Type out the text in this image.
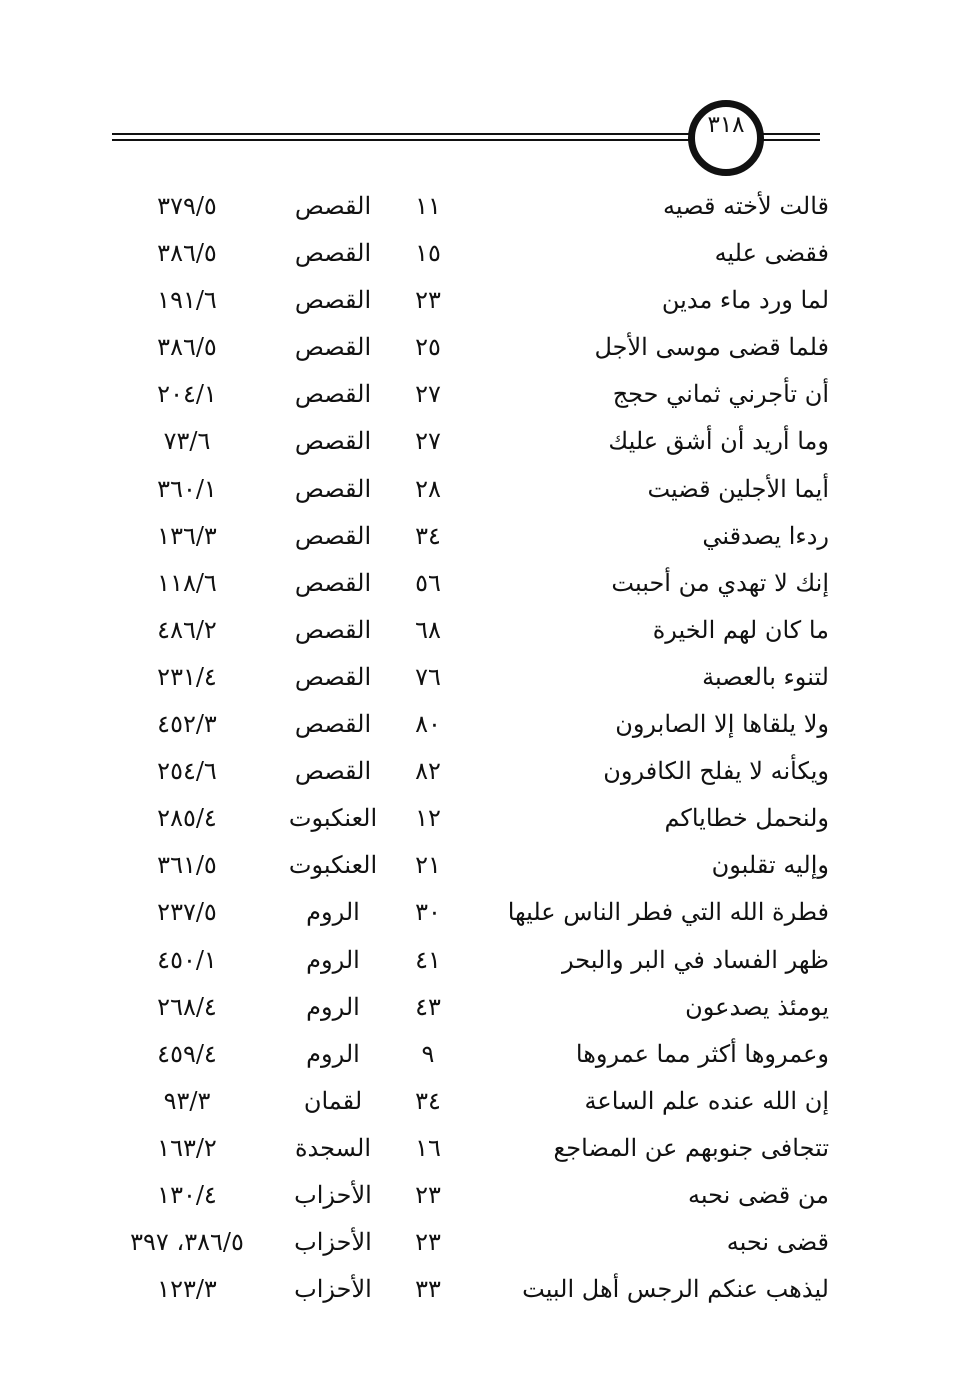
٣١٨
قالت لأخته قصيه
١١
القصص
٣٧٩/٥
فقضى عليه
١٥
القصص
٣٨٦/٥
لما ورد ماء مدين
٢٣
القصص
١٩١/٦
فلما قضى موسى الأجل
٢٥
القصص
٣٨٦/٥
أن تأجرني ثماني حجج
٢٧
القصص
٢٠٤/١
وما أريد أن أشق عليك
٢٧
القصص
٧٣/٦
أيما الأجلين قضيت
٢٨
القصص
٣٦٠/١
ردءا يصدقني
٣٤
القصص
١٣٦/٣
إنك لا تهدي من أحببت
٥٦
القصص
١١٨/٦
ما كان لهم الخيرة
٦٨
القصص
٤٨٦/٢
لتنوء بالعصبة
٧٦
القصص
٢٣١/٤
ولا يلقاها إلا الصابرون
٨٠
القصص
٤٥٢/٣
ويكأنه لا يفلح الكافرون
٨٢
القصص
٢٥٤/٦
ولنحمل خطاياكم
١٢
العنكبوت
٢٨٥/٤
وإليه تقلبون
٢١
العنكبوت
٣٦١/٥
فطرة الله التي فطر الناس عليها
٣٠
الروم
٢٣٧/٥
ظهر الفساد في البر والبحر
٤١
الروم
٤٥٠/١
يومئذ يصدعون
٤٣
الروم
٢٦٨/٤
وعمروها أكثر مما عمروها
٩
الروم
٤٥٩/٤
إن الله عنده علم الساعة
٣٤
لقمان
٩٣/٣
تتجافى جنوبهم عن المضاجع
١٦
السجدة
١٦٣/٢
من قضى نحبه
٢٣
الأحزاب
١٣٠/٤
قضى نحبه
٢٣
الأحزاب
٣٨٦/٥، ٣٩٧
ليذهب عنكم الرجس أهل البيت
٣٣
الأحزاب
١٢٣/٣
